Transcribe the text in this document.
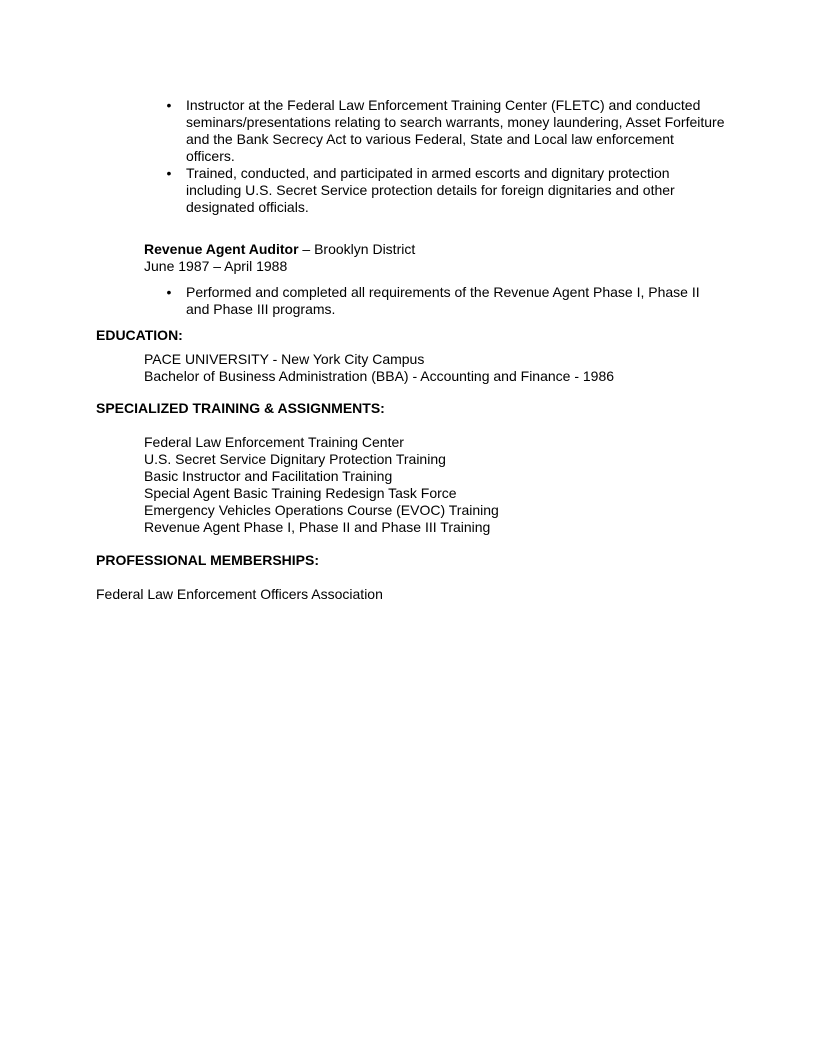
• Instructor at the Federal Law Enforcement Training Center (FLETC) and conducted seminars/presentations relating to search warrants, money laundering, Asset Forfeiture and the Bank Secrecy Act to various Federal, State and Local law enforcement officers.
• Trained, conducted, and participated in armed escorts and dignitary protection including U.S. Secret Service protection details for foreign dignitaries and other designated officials.
Revenue Agent Auditor – Brooklyn District
June 1987 – April 1988
• Performed and completed all requirements of the Revenue Agent Phase I, Phase II and Phase III programs.
EDUCATION:
PACE UNIVERSITY - New York City Campus
Bachelor of Business Administration (BBA) - Accounting and Finance - 1986
SPECIALIZED TRAINING & ASSIGNMENTS:
Federal Law Enforcement Training Center
U.S. Secret Service Dignitary Protection Training
Basic Instructor and Facilitation Training
Special Agent Basic Training Redesign Task Force
Emergency Vehicles Operations Course (EVOC) Training
Revenue Agent Phase I, Phase II and Phase III Training
PROFESSIONAL MEMBERSHIPS:
Federal Law Enforcement Officers Association
